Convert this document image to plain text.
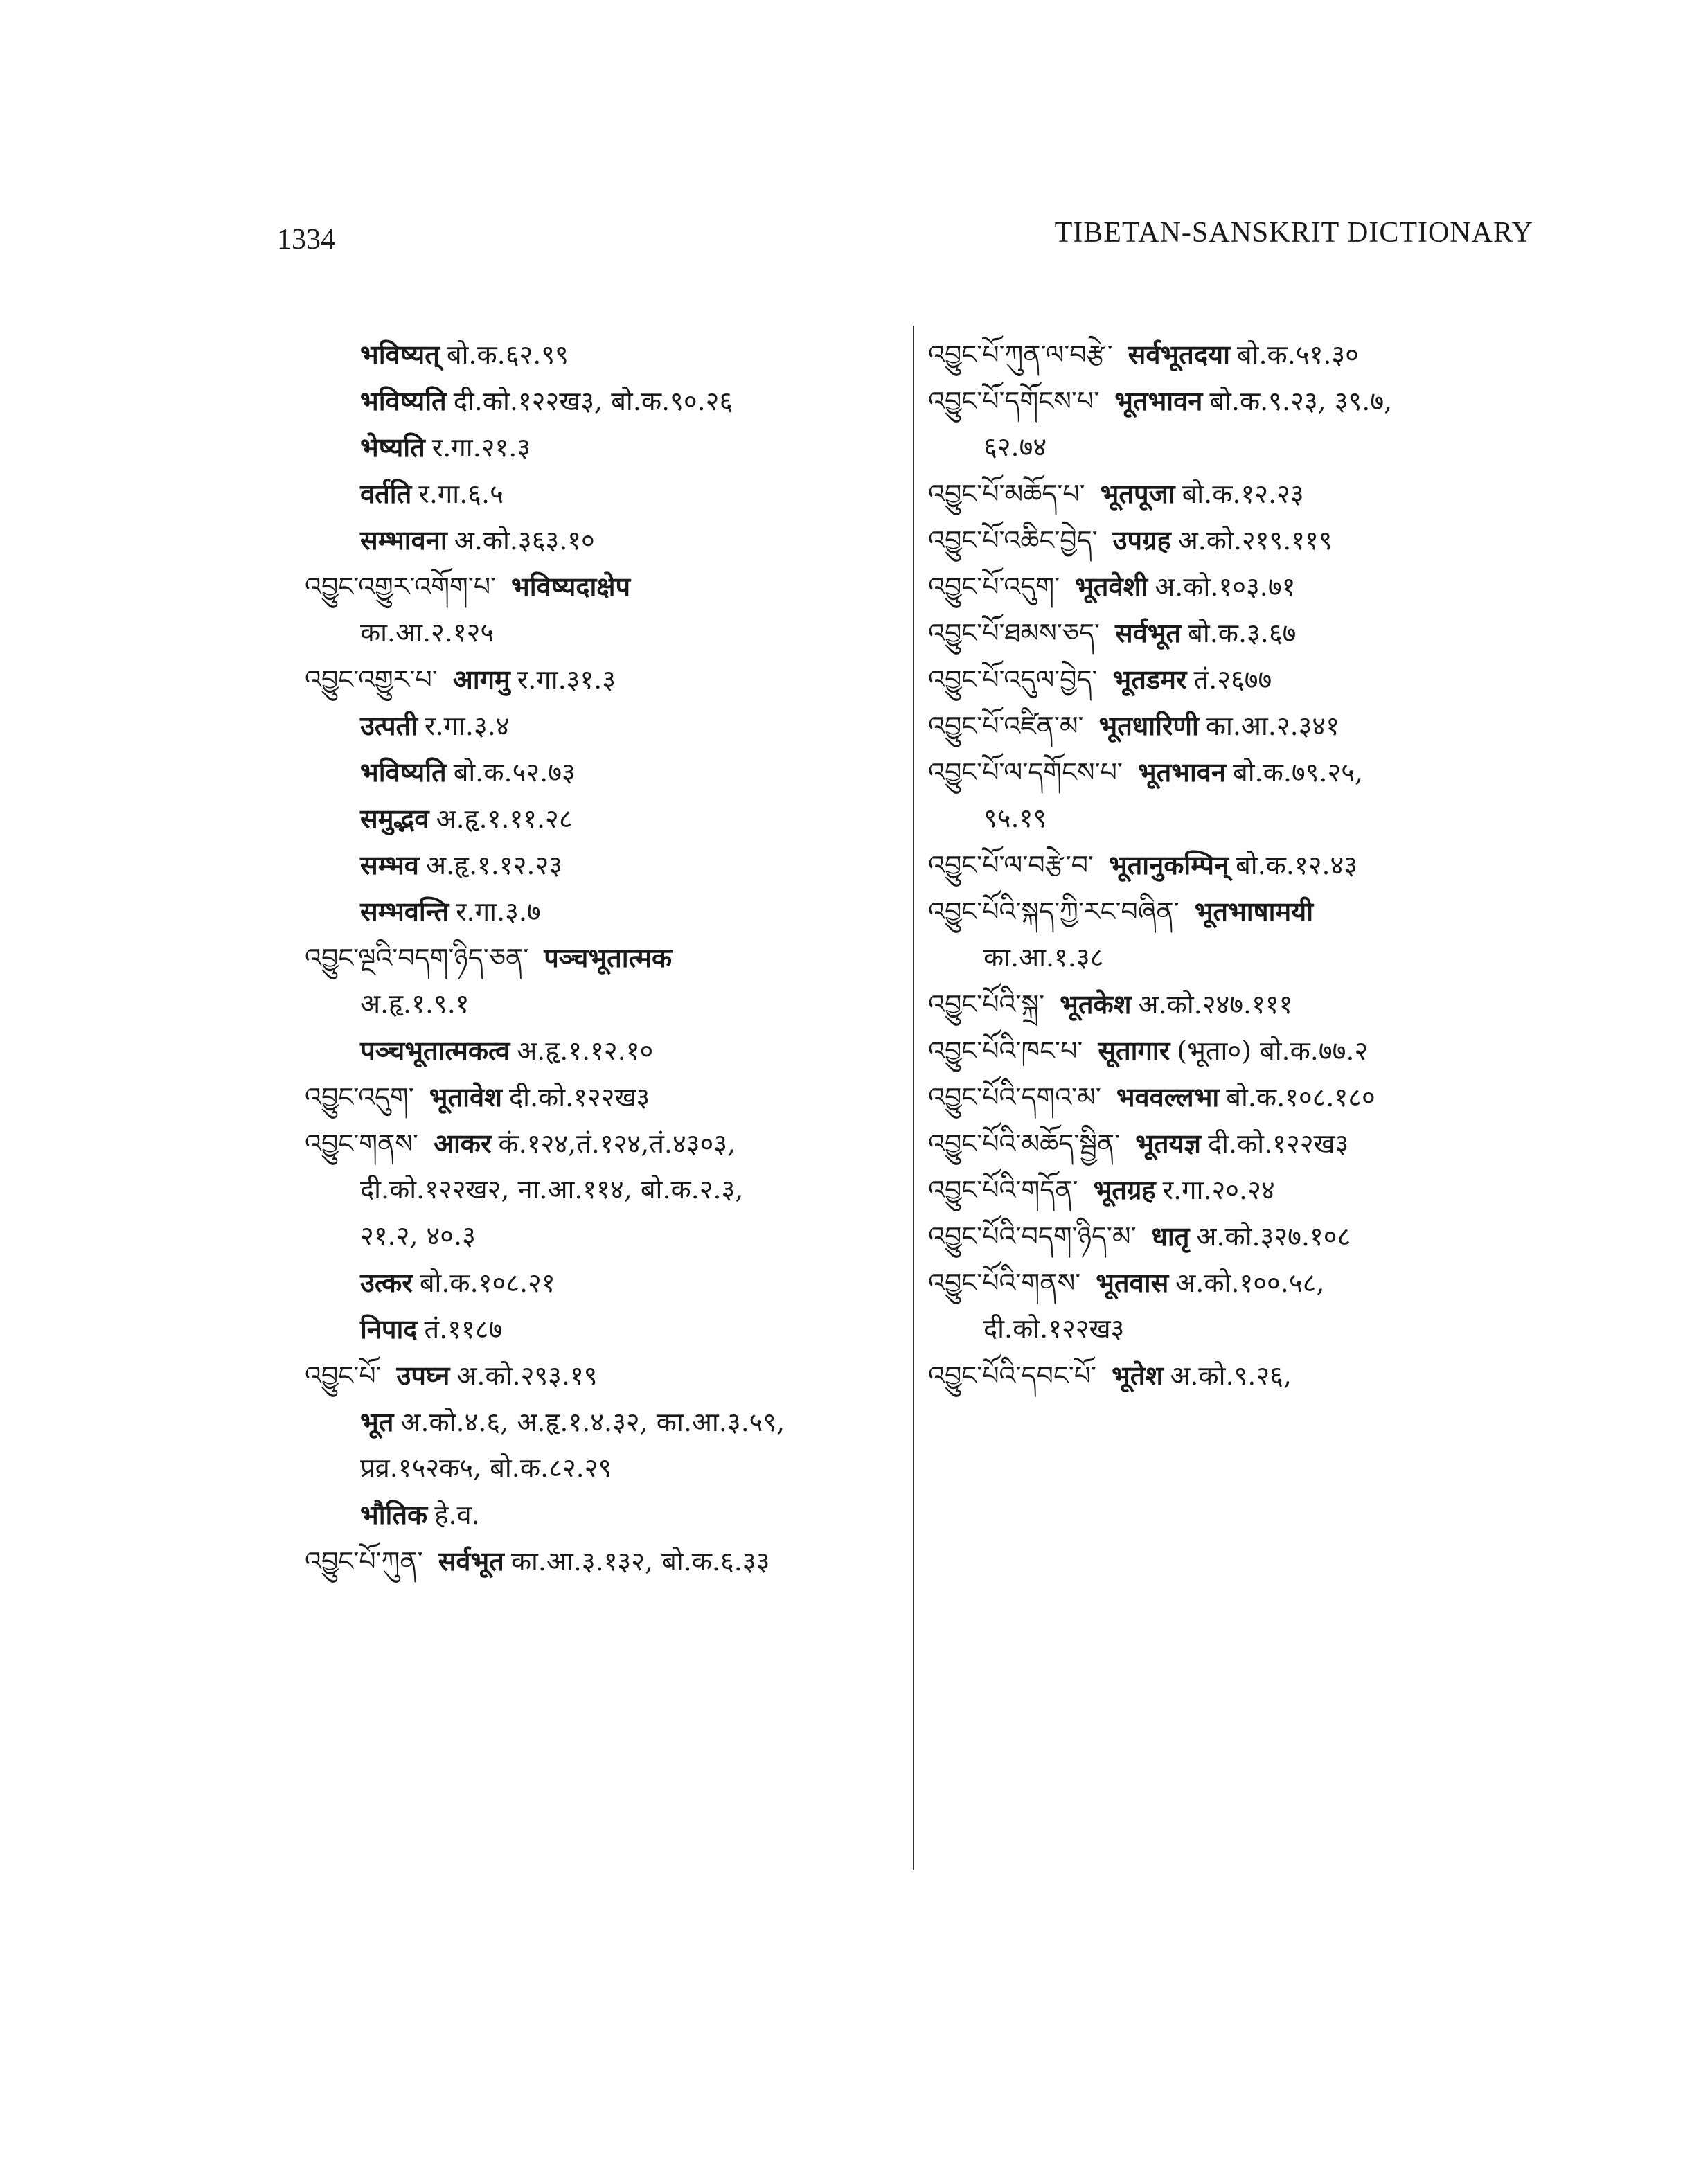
1334	TIBETAN-SANSKRIT DICTIONARY
भविष्यत् बो.क.६२.९९
भविष्यति दी.को.१२२ख३, बो.क.९०.२६
भेष्यति र.गा.२१.३
वर्तति र.गा.६.५
सम्भावना अ.को.३६३.१०
འབྱུང་འགྱུར་འགོག་པ་ भविष्यदाक्षेप
का.आ.२.१२५
འབྱུང་འགྱུར་པ་ आगमु र.गा.३१.३
उत्पती र.गा.३.४
भविष्यति बो.क.५२.७३
समुद्भव अ.हृ.१.११.२८
सम्भव अ.हृ.१.१२.२३
सम्भवन्ति र.गा.३.७
འབྱུང་ལྔའི་བདག་ཉིད་ཅན་ पञ्चभूतात्मक
अ.हृ.१.९.१
पञ्चभूतात्मकत्व अ.हृ.१.१२.१०
འབྱུང་འདུག་ भूतावेश दी.को.१२२ख३
འབྱུང་གནས་ आकर कं.१२४,तं.१२४,तं.४३०३,
दी.को.१२२ख२, ना.आ.११४, बो.क.२.३,
२१.२, ४०.३
उत्कर बो.क.१०८.२१
निपाद तं.११८७
འབྱུང་པོ་ उपघ्न अ.को.२९३.१९
भूत अ.को.४.६, अ.हृ.१.४.३२, का.आ.३.५९,
प्रव्र.१५२क५, बो.क.८२.२९
भौतिक हे.व.
འབྱུང་པོ་ཀུན་ सर्वभूत का.आ.३.१३२, बो.क.६.३३
འབྱུང་པོ་ཀུན་ལ་བརྩེ་ सर्वभूतदया बो.क.५१.३०
འབྱུང་པོ་དགོངས་པ་ भूतभावन बो.क.९.२३, ३९.७,
६२.७४
འབྱུང་པོ་མཆོད་པ་ भूतपूजा बो.क.१२.२३
འབྱུང་པོ་འཆིང་བྱེད་ उपग्रह अ.को.२१९.११९
འབྱུང་པོ་འདུག་ भूतवेशी अ.को.१०३.७१
འབྱུང་པོ་ཐམས་ཅད་ सर्वभूत बो.क.३.६७
འབྱུང་པོ་འདུལ་བྱེད་ भूतडमर तं.२६७७
འབྱུང་པོ་འཛིན་མ་ भूतधारिणी का.आ.२.३४१
འབྱུང་པོ་ལ་དགོངས་པ་ भूतभावन बो.क.७९.२५,
९५.१९
འབྱུང་པོ་ལ་བརྩེ་བ་ भूतानुकम्पिन् बो.क.१२.४३
འབྱུང་པོའི་སྐད་ཀྱི་རང་བཞིན་ भूतभाषामयी
का.आ.१.३८
འབྱུང་པོའི་སྐྲ་ भूतकेश अ.को.२४७.१११
འབྱུང་པོའི་ཁང་པ་ सूतागार (भूता०) बो.क.७७.२
འབྱུང་པོའི་དགའ་མ་ भववल्लभा बो.क.१०८.१८०
འབྱུང་པོའི་མཆོད་སྦྱིན་ भूतयज्ञ दी.को.१२२ख३
འབྱུང་པོའི་གདོན་ भूतग्रह र.गा.२०.२४
འབྱུང་པོའི་བདག་ཉིད་མ་ धातृ अ.को.३२७.१०८
འབྱུང་པོའི་གནས་ भूतवास अ.को.१००.५८,
दी.को.१२२ख३
འབྱུང་པོའི་དབང་པོ་ भूतेश अ.को.९.२६,
